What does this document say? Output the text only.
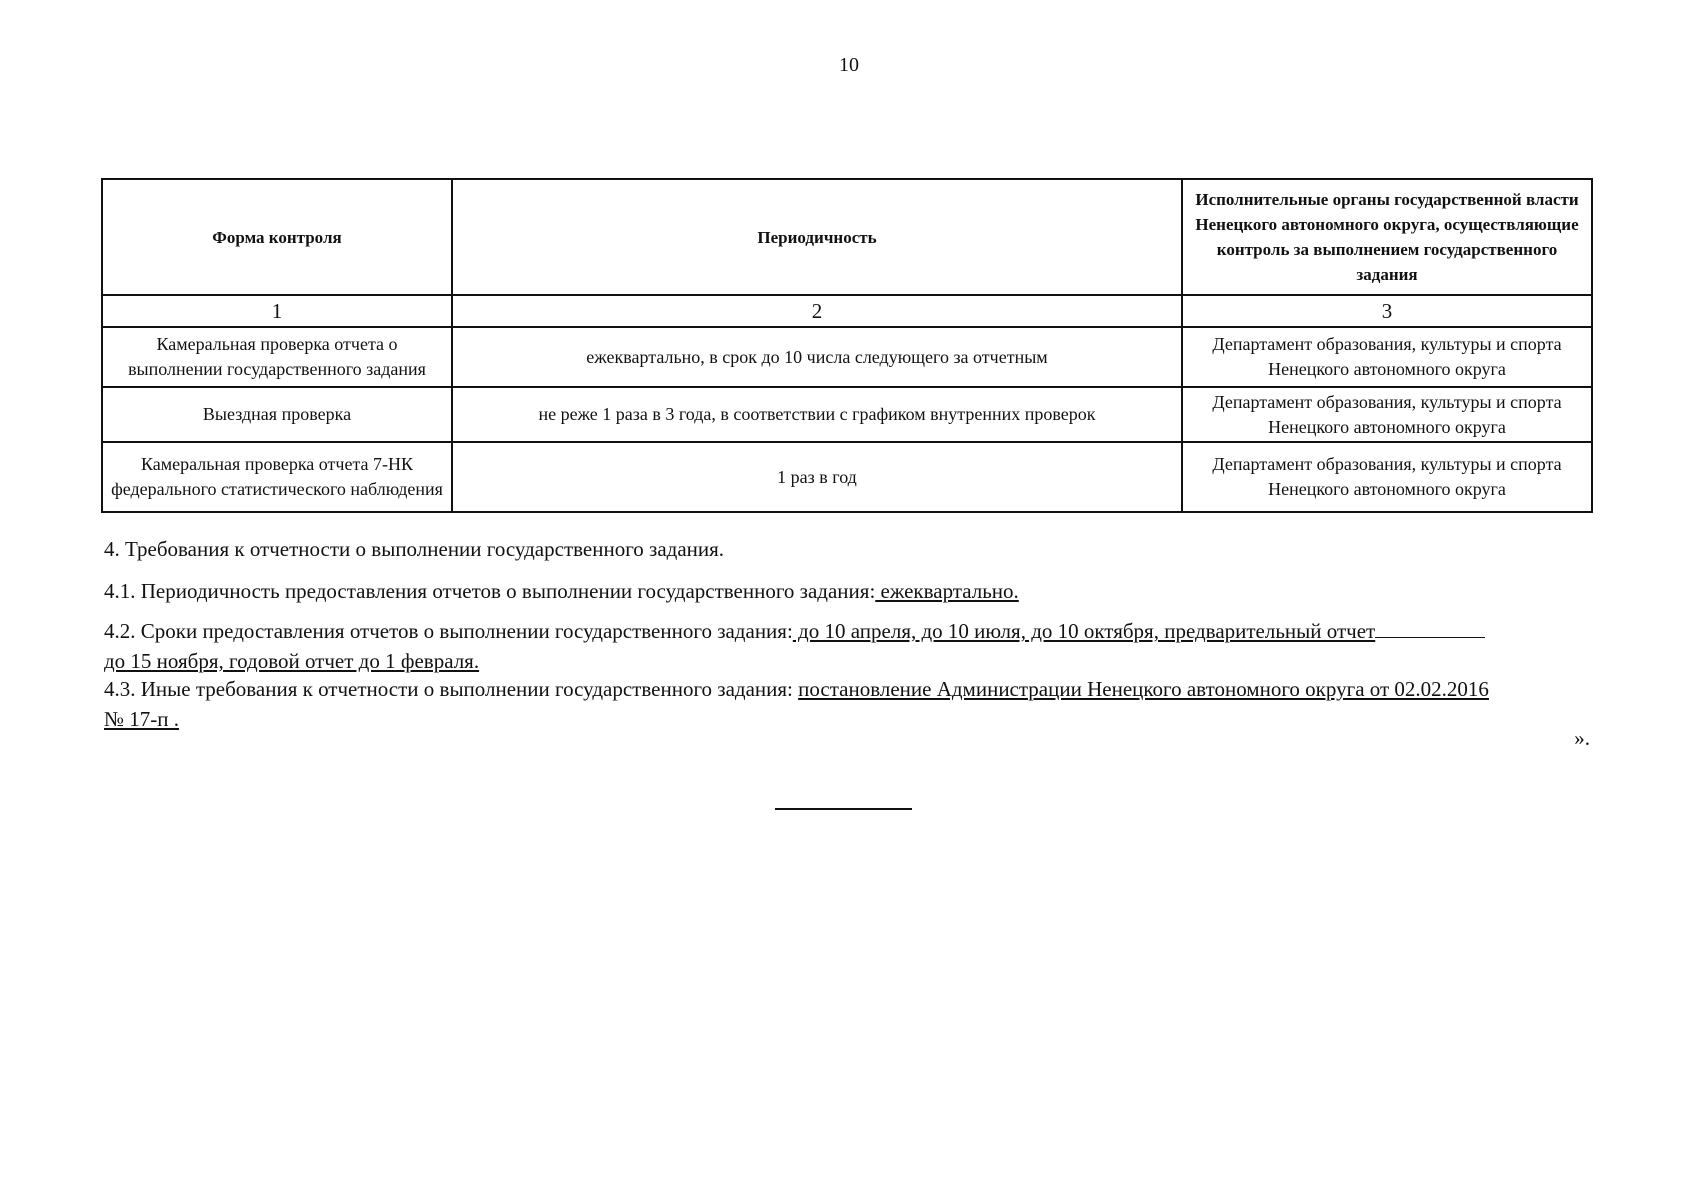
10
Форма контроля	Периодичность	Исполнительные органы государственной власти Ненецкого автономного округа, осуществляющие контроль за выполнением государственного задания
1	2	3
Камеральная проверка отчета о выполнении государственного задания	ежеквартально, в срок до 10 числа следующего за отчетным	Департамент образования, культуры и спорта Ненецкого автономного округа
Выездная проверка	не реже 1 раза в 3 года, в соответствии с графиком внутренних проверок	Департамент образования, культуры и спорта Ненецкого автономного округа
Камеральная проверка отчета 7-НК федерального статистического наблюдения	1 раз в год	Департамент образования, культуры и спорта Ненецкого автономного округа
4. Требования к отчетности о выполнении государственного задания.
4.1. Периодичность предоставления отчетов о выполнении государственного задания: ежеквартально.
4.2. Сроки предоставления отчетов о выполнении государственного задания: до 10 апреля, до 10 июля, до 10 октября, предварительный отчет
до 15 ноября, годовой отчет до 1 февраля.
4.3. Иные требования к отчетности о выполнении государственного задания: постановление Администрации Ненецкого автономного округа от 02.02.2016
№ 17-п .
».
